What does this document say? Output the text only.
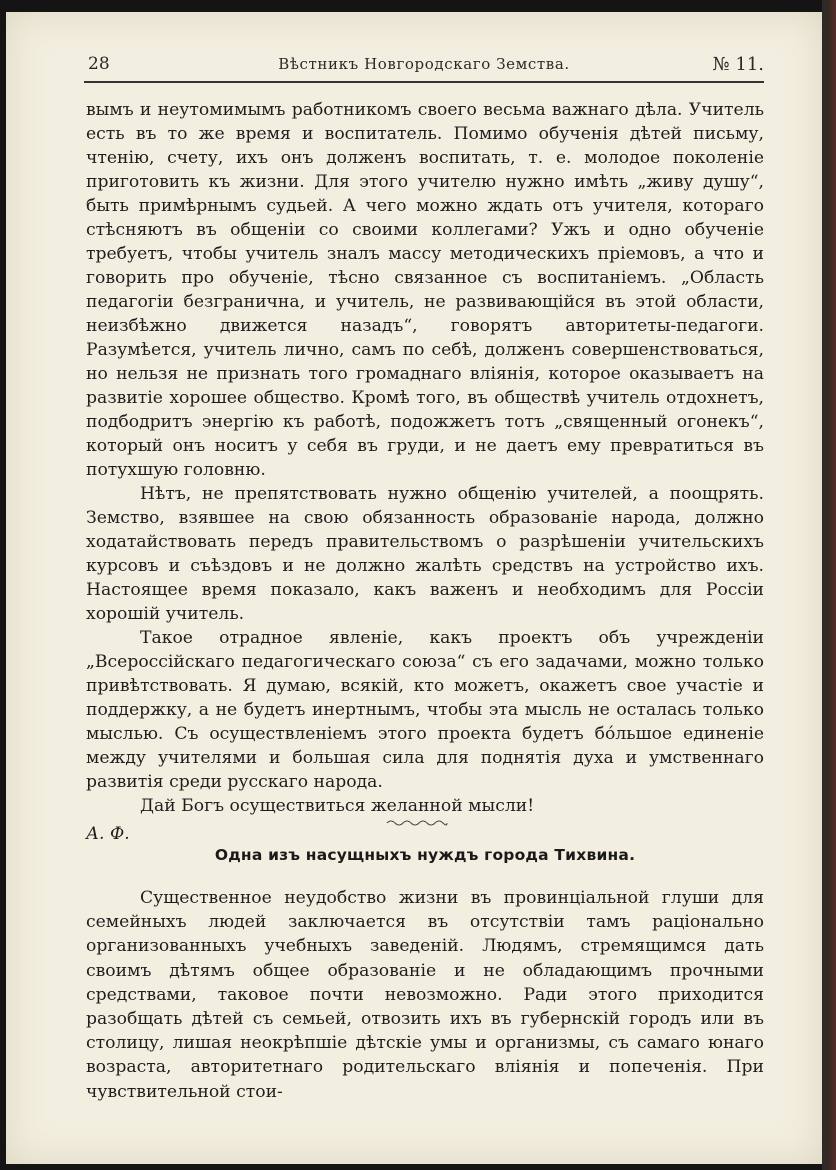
28	Вѣстникъ Новгородскаго Земства.	№ 11.

вымъ и неутомимымъ работникомъ своего весьма важнаго дѣла. Учитель есть въ то же время и воспитатель. Помимо обученія дѣтей письму, чтенію, счету, ихъ онъ долженъ воспитать, т. е. молодое поколеніе приготовить къ жизни. Для этого учителю нужно имѣть „живу душу“, быть примѣрнымъ судьей. А чего можно ждать отъ учителя, котораго стѣсняютъ въ общеніи со своими коллегами? Ужъ и одно обученіе требуетъ, чтобы учитель зналъ массу методическихъ пріемовъ, а что и говорить про обученіе, тѣсно связанное съ воспитаніемъ. „Область педагогіи безгранична, и учитель, не развивающійся въ этой области, неизбѣжно движется назадъ“, говорятъ авторитеты-педагоги. Разумѣется, учитель лично, самъ по себѣ, долженъ совершенствоваться, но нельзя не признать того громаднаго вліянія, которое оказываетъ на развитіе хорошее общество. Кромѣ того, въ обществѣ учитель отдохнетъ, подбодритъ энергію къ работѣ, подожжетъ тотъ „священный огонекъ“, который онъ носитъ у себя въ груди, и не даетъ ему превратиться въ потухшую головню.

Нѣтъ, не препятствовать нужно общенію учителей, а поощрять. Земство, взявшее на свою обязанность образованіе народа, должно ходатайствовать передъ правительствомъ о разрѣшеніи учительскихъ курсовъ и съѣздовъ и не должно жалѣть средствъ на устройство ихъ. Настоящее время показало, какъ важенъ и необходимъ для Россіи хорошій учитель.

Такое отрадное явленіе, какъ проектъ объ учрежденіи „Всероссійскаго педагогическаго союза“ съ его задачами, можно только привѣтствовать. Я думаю, всякій, кто можетъ, окажетъ свое участіе и поддержку, а не будетъ инертнымъ, чтобы эта мысль не осталась только мыслью. Съ осуществленіемъ этого проекта будетъ бо́льшое единеніе между учителями и большая сила для поднятія духа и умственнаго развитія среди русскаго народа.

Дай Богъ осуществиться желанной мысли!

А. Ф.

Одна изъ насущныхъ нуждъ города Тихвина.

Существенное неудобство жизни въ провинціальной глуши для семейныхъ людей заключается въ отсутствіи тамъ раціонально организованныхъ учебныхъ заведеній. Людямъ, стремящимся дать своимъ дѣтямъ общее образованіе и не обладающимъ прочными средствами, таковое почти невозможно. Ради этого приходится разобщать дѣтей съ семьей, отвозить ихъ въ губернскій городъ или въ столицу, лишая неокрѣпшіе дѣтскіе умы и организмы, съ самаго юнаго возраста, авторитетнаго родительскаго вліянія и попеченія. При чувствительной стои-
